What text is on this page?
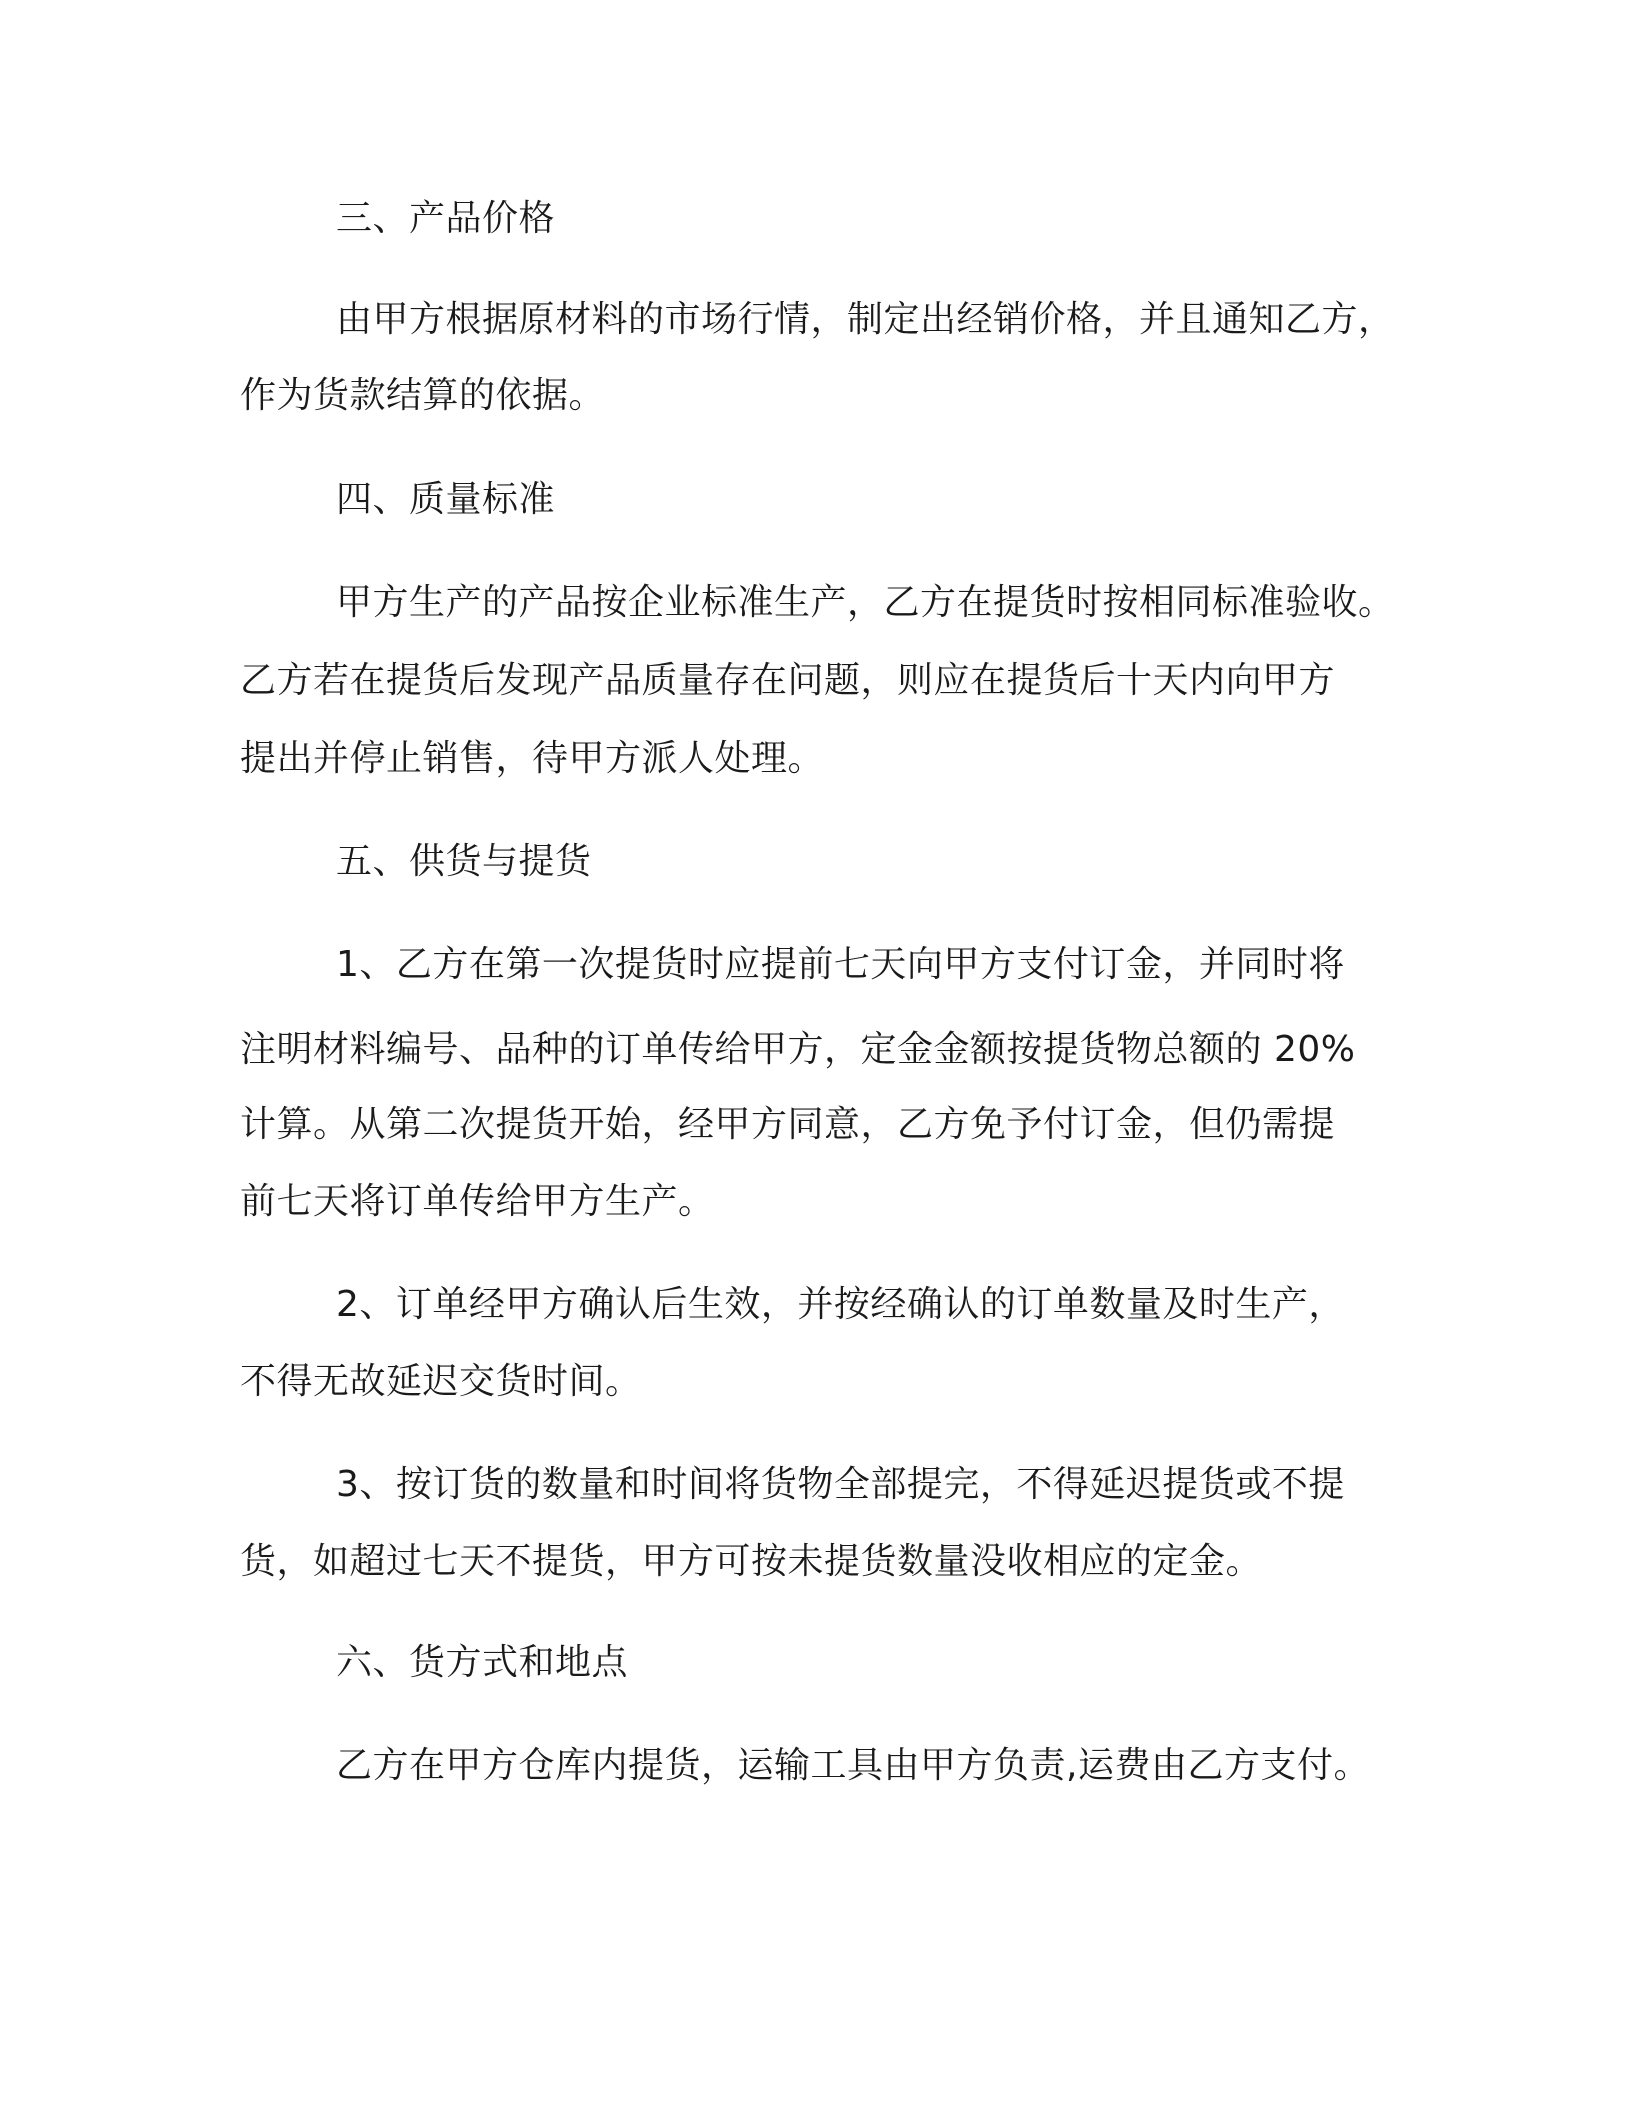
三、产品价格
由甲方根据原材料的市场行情，制定出经销价格，并且通知乙方，
作为货款结算的依据。
四、质量标准
甲方生产的产品按企业标准生产，乙方在提货时按相同标准验收。
乙方若在提货后发现产品质量存在问题，则应在提货后十天内向甲方
提出并停止销售，待甲方派人处理。
五、供货与提货
1、乙方在第一次提货时应提前七天向甲方支付订金，并同时将
注明材料编号、品种的订单传给甲方，定金金额按提货物总额的 20%
计算。从第二次提货开始，经甲方同意，乙方免予付订金，但仍需提
前七天将订单传给甲方生产。
2、订单经甲方确认后生效，并按经确认的订单数量及时生产，
不得无故延迟交货时间。
3、按订货的数量和时间将货物全部提完，不得延迟提货或不提
货，如超过七天不提货，甲方可按未提货数量没收相应的定金。
六、货方式和地点
乙方在甲方仓库内提货，运输工具由甲方负责,运费由乙方支付。
